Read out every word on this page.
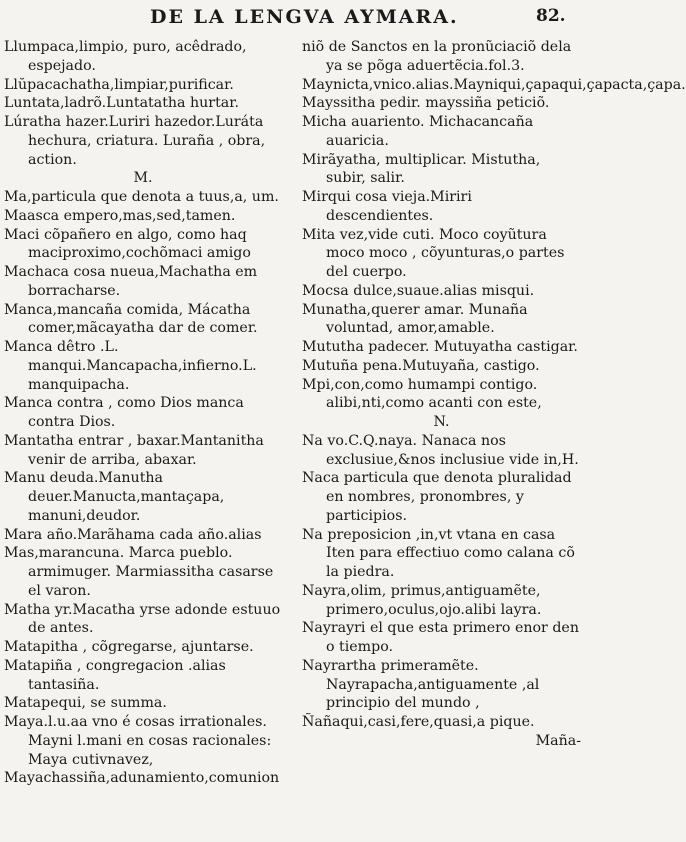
DE LA LENGVA AYMARA.	82.

Llumpaca,limpio, puro, acêdrado, espejado.

Llŭpacachatha,limpiar,purificar.

Luntata,ladrõ.Luntatatha hurtar.

Lúratha hazer.Luriri hazedor.Luráta hechura, criatura. Luraña , obra, action.

M.

Ma,particula que denota a tuus,a, um.

Maasca empero,mas,sed,tamen.

Maci cõpañero en algo, como haq maciproximo,cochõmaci amigo

Machaca cosa nueua,Machatha em borracharse.

Manca,mancaña comida, Mácatha comer,mãcayatha dar de comer.

Manca dêtro .L. manqui.Mancapacha,infierno.L. manquipacha.

Manca contra , como Dios manca contra Dios.

Mantatha entrar , baxar.Mantanitha venir de arriba, abaxar.

Manu deuda.Manutha deuer.Manucta,mantaçapa, manuni,deudor.

Mara año.Marãhama cada año.alias

Mas,marancuna. Marca pueblo. armimuger. Marmiassitha casarse el varon.

Matha yr.Macatha yrse adonde estuuo de antes.

Matapitha , cõgregarse, ajuntarse.

Matapiña , congregacion .alias tantasiña.

Matapequi, se summa.

Maya.l.u.aa vno é cosas irrationales. Mayni l.mani en cosas racionales: Maya cutivnavez,

Mayachassiña,adunamiento,comunion

niõ de Sanctos en la pronũciaciõ dela ya se põga aduertẽcia.fol.3.

Maynicta,vnico.alias.Mayniqui,çapaqui,çapacta,çapa.

Mayssitha pedir. mayssiña peticiõ.

Micha auariento. Michacancaña auaricia.

Mirãyatha, multiplicar. Mistutha, subir, salir.

Mirqui cosa vieja.Miriri descendientes.

Mita vez,vide cuti. Moco coyũtura moco moco , cõyunturas,o partes del cuerpo.

Mocsa dulce,suaue.alias misqui.

Munatha,querer amar. Munaña voluntad, amor,amable.

Mututha padecer. Mutuyatha castigar.

Mutuña pena.Mutuyaña, castigo.

Mpi,con,como humampi contigo. alibi,nti,como acanti con este,

N.

Na vo.C.Q.naya. Nanaca nos exclusiue,&nos inclusiue vide in,H.

Naca particula que denota pluralidad en nombres, pronombres, y participios.

Na preposicion ,in,vt vtana en casa Iten para effectiuo como calana cõ la piedra.

Nayra,olim, primus,antiguamẽte, primero,oculus,ojo.alibi layra.

Nayrayri el que esta primero enor den o tiempo.

Nayrartha primeramẽte. Nayrapacha,antiguamente ,al principio del mundo ,

Ñañaqui,casi,fere,quasi,a pique.

Maña-
